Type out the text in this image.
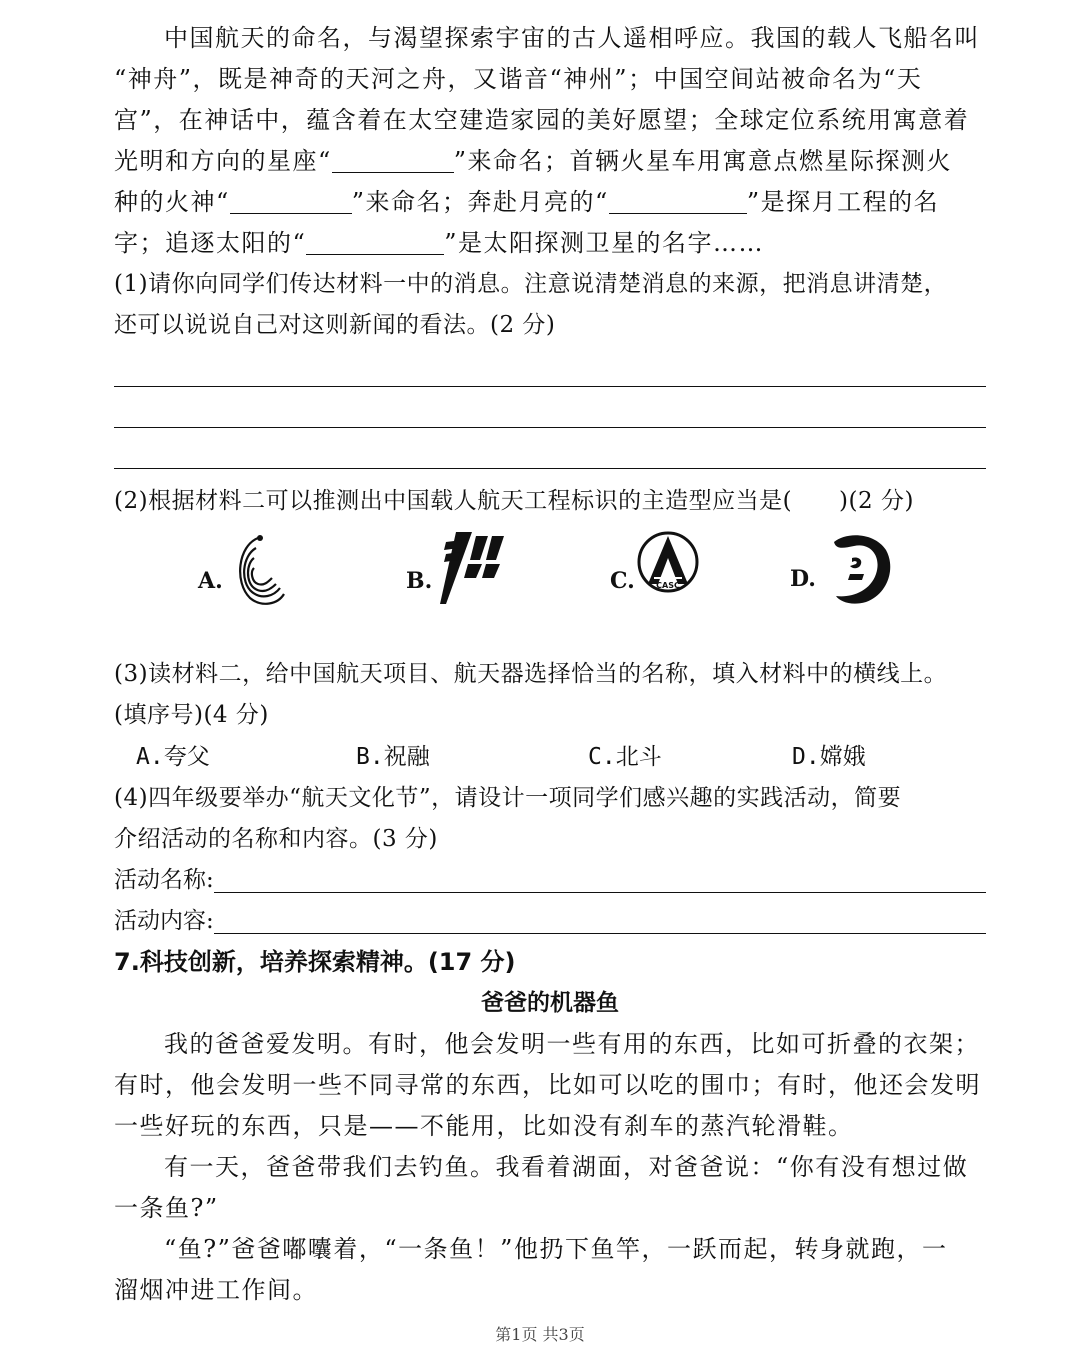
中国航天的命名，与渴望探索宇宙的古人遥相呼应。我国的载人飞船名叫

“神舟”，既是神奇的天河之舟，又谐音“神州”；中国空间站被命名为“天

宫”，在神话中，蕴含着在太空建造家园的美好愿望；全球定位系统用寓意着

光明和方向的星座“	”来命名；首辆火星车用寓意点燃星际探测火

种的火神“	”来命名；奔赴月亮的“	”是探月工程的名

字；追逐太阳的“	”是太阳探测卫星的名字……

(1)请你向同学们传达材料一中的消息。注意说清楚消息的来源，把消息讲清楚，

还可以说说自己对这则新闻的看法。(2 分)

(2)根据材料二可以推测出中国载人航天工程标识的主造型应当是(　　)(2 分)

A.	B.	C.	CASC	D.

(3)读材料二，给中国航天项目、航天器选择恰当的名称，填入材料中的横线上。

(填序号)(4 分)

A.夸父	B.祝融	C.北斗	D.嫦娥

(4)四年级要举办“航天文化节”，请设计一项同学们感兴趣的实践活动，简要

介绍活动的名称和内容。(3 分)

活动名称:
活动内容:

7.科技创新，培养探索精神。(17 分)

爸爸的机器鱼

我的爸爸爱发明。有时，他会发明一些有用的东西，比如可折叠的衣架；

有时，他会发明一些不同寻常的东西，比如可以吃的围巾；有时，他还会发明

一些好玩的东西，只是——不能用，比如没有刹车的蒸汽轮滑鞋。

有一天，爸爸带我们去钓鱼。我看着湖面，对爸爸说：“你有没有想过做

一条鱼?”

“鱼?”爸爸嘟囔着，“一条鱼！”他扔下鱼竿，一跃而起，转身就跑，一

溜烟冲进工作间。

第1页 共3页
